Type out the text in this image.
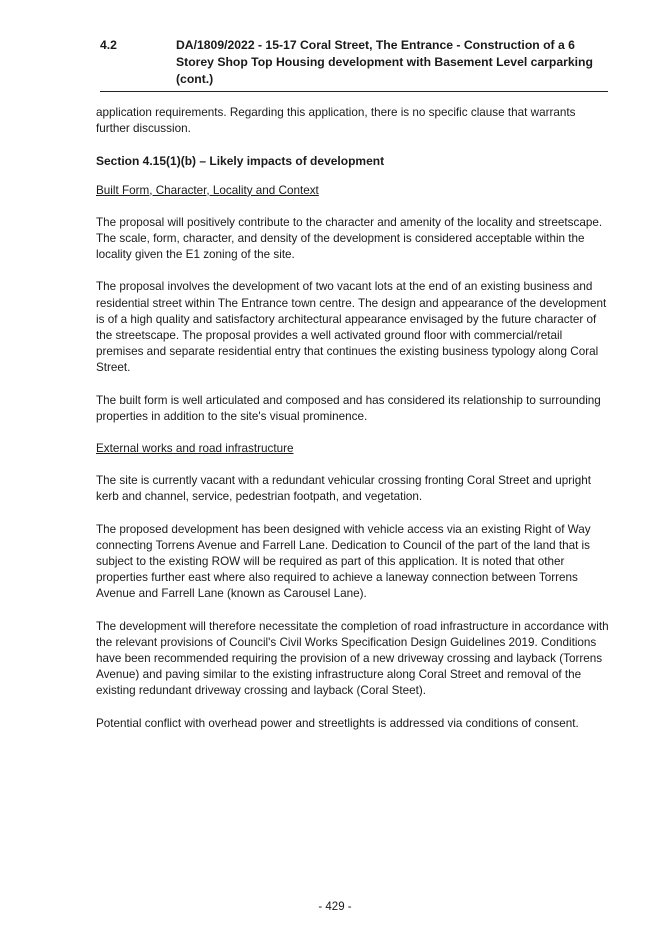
4.2	DA/1809/2022 - 15-17 Coral Street, The Entrance - Construction of a 6 Storey Shop Top Housing development with Basement Level carparking (cont.)

application requirements. Regarding this application, there is no specific clause that warrants further discussion.

Section 4.15(1)(b) – Likely impacts of development
Built Form, Character, Locality and Context

The proposal will positively contribute to the character and amenity of the locality and streetscape. The scale, form, character, and density of the development is considered acceptable within the locality given the E1 zoning of the site.

The proposal involves the development of two vacant lots at the end of an existing business and residential street within The Entrance town centre. The design and appearance of the development is of a high quality and satisfactory architectural appearance envisaged by the future character of the streetscape. The proposal provides a well activated ground floor with commercial/retail premises and separate residential entry that continues the existing business typology along Coral Street.

The built form is well articulated and composed and has considered its relationship to surrounding properties in addition to the site's visual prominence.

External works and road infrastructure

The site is currently vacant with a redundant vehicular crossing fronting Coral Street and upright kerb and channel, service, pedestrian footpath, and vegetation.

The proposed development has been designed with vehicle access via an existing Right of Way connecting Torrens Avenue and Farrell Lane. Dedication to Council of the part of the land that is subject to the existing ROW will be required as part of this application. It is noted that other properties further east where also required to achieve a laneway connection between Torrens Avenue and Farrell Lane (known as Carousel Lane).

The development will therefore necessitate the completion of road infrastructure in accordance with the relevant provisions of Council's Civil Works Specification Design Guidelines 2019. Conditions have been recommended requiring the provision of a new driveway crossing and layback (Torrens Avenue) and paving similar to the existing infrastructure along Coral Street and removal of the existing redundant driveway crossing and layback (Coral Steet).

Potential conflict with overhead power and streetlights is addressed via conditions of consent.

- 429 -
